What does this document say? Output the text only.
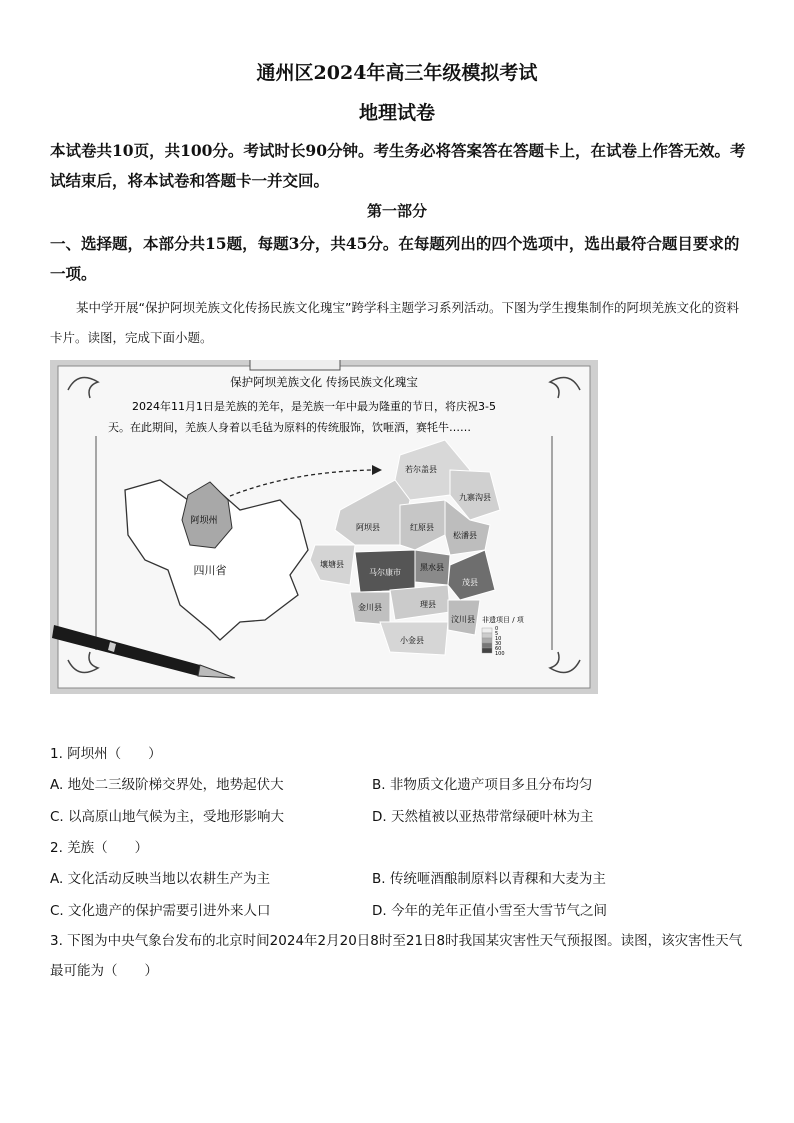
通州区2024年高三年级模拟考试
地理试卷
本试卷共10页，共100分。考试时长90分钟。考生务必将答案答在答题卡上，在试卷上作答无效。考试结束后，将本试卷和答题卡一并交回。
第一部分
一、选择题，本部分共15题，每题3分，共45分。在每题列出的四个选项中，选出最符合题目要求的一项。
某中学开展“保护阿坝羌族文化传扬民族文化瑰宝”跨学科主题学习系列活动。下图为学生搜集制作的阿坝羌族文化的资料卡片。读图，完成下面小题。
保护阿坝羌族文化 传扬民族文化瑰宝
2024年11月1日是羌族的羌年，是羌族一年中最为隆重的节日，将庆祝3-5
天。在此期间，羌族人身着以毛毡为原料的传统服饰，饮咂酒，赛牦牛……
阿坝州
四川省
若尔盖县
九寨沟县
阿坝县	红原县
松潘县
壤塘县
马尔康市
黑水县
茂县
金川县	理县
汶川县
小金县
非遗项目 / 项
0
5
10
30
60
100
1. 阿坝州（　　）
A. 地处二三级阶梯交界处，地势起伏大	B. 非物质文化遗产项目多且分布均匀
C. 以高原山地气候为主，受地形影响大	D. 天然植被以亚热带常绿硬叶林为主
2. 羌族（　　）
A. 文化活动反映当地以农耕生产为主	B. 传统咂酒酿制原料以青稞和大麦为主
C. 文化遗产的保护需要引进外来人口	D. 今年的羌年正值小雪至大雪节气之间
3. 下图为中央气象台发布的北京时间2024年2月20日8时至21日8时我国某灾害性天气预报图。读图，该灾害性天气最可能为（　　）
